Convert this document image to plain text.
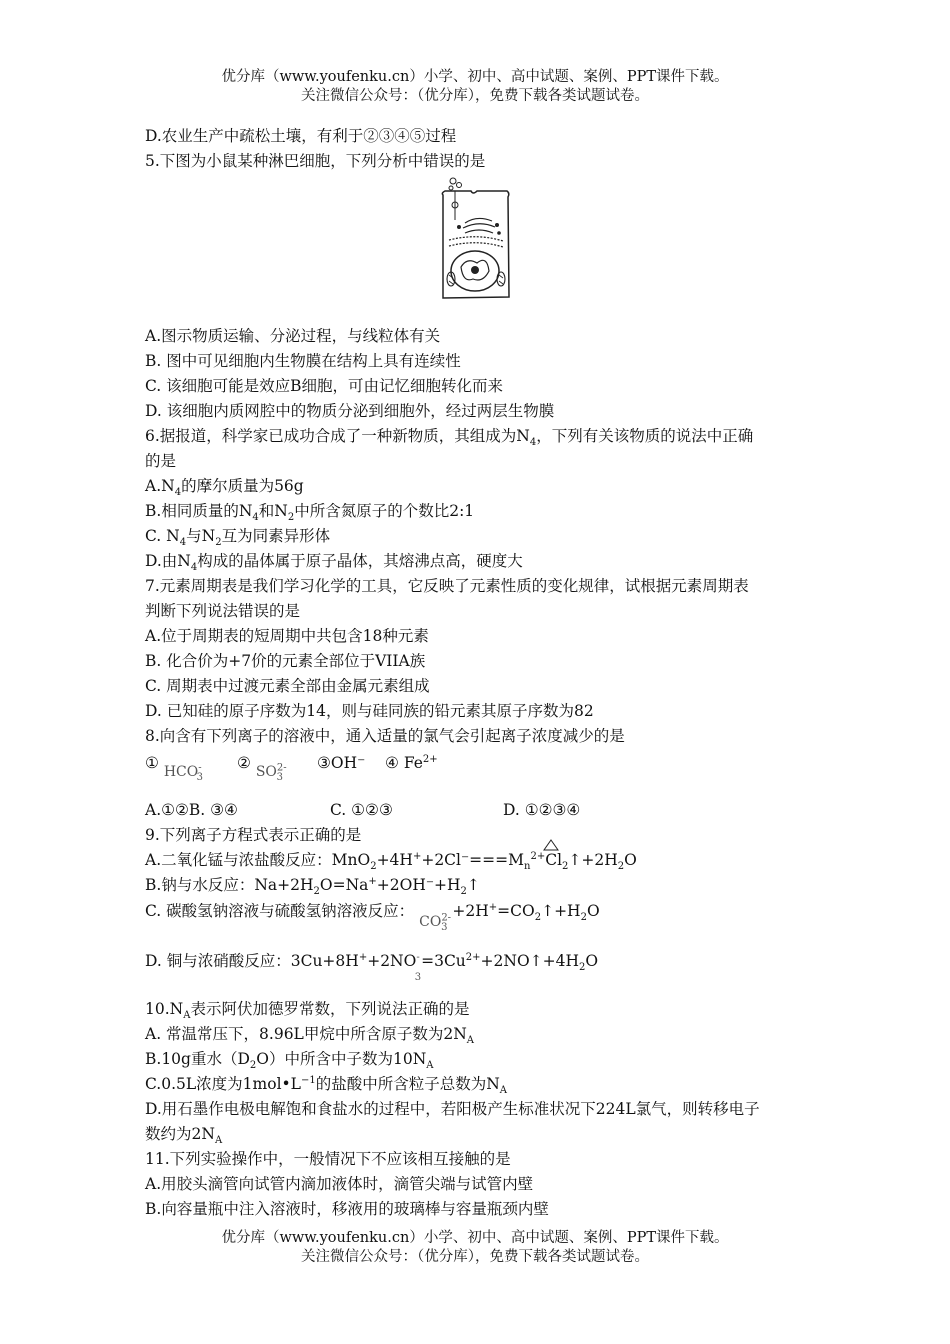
优分库（www.youfenku.cn）小学、初中、高中试题、案例、PPT课件下载。
关注微信公众号：（优分库），免费下载各类试题试卷。
D.农业生产中疏松土壤，有利于②③④⑤过程
5.下图为小鼠某种淋巴细胞，下列分析中错误的是
A.图示物质运输、分泌过程，与线粒体有关
B. 图中可见细胞内生物膜在结构上具有连续性
C. 该细胞可能是效应B细胞，可由记忆细胞转化而来
D. 该细胞内质网腔中的物质分泌到细胞外，经过两层生物膜
6.据报道，科学家已成功合成了一种新物质，其组成为$N_4$，下列有关该物质的说法中正确
的是
$A.N_4$的摩尔质量为56g
B.相同质量的$N_4$和$N_2$中所含氮原子的个数比2:1
C. $N_4$与$N_2$互为同素异形体
D.由$N_4$构成的晶体属于原子晶体，其熔沸点高，硬度大
7.元素周期表是我们学习化学的工具，它反映了元素性质的变化规律，试根据元素周期表
判断下列说法错误的是
A.位于周期表的短周期中共包含18种元素
B. 化合价为+7价的元素全部位于VIIA族
C. 周期表中过渡元素全部由金属元素组成
D. 已知硅的原子序数为14，则与硅同族的铅元素其原子序数为82
8.向含有下列离子的溶液中，通入适量的氯气会引起离子浓度减少的是
① $HCO^-_3$
② $SO^{2-}_3$
③OH⁻ ④ $Fe^{2+}$
A.①②B. ③④	C. ①②③	D. ①②③④
9.下列离子方程式表示正确的是
A.二氧化锰与浓盐酸反应：$MnO_2+4H^++2Cl^-===M_n^{2+}$
$Cl_2↑+2H_2O$
B.钠与水反应：$Na+2H_2O=Na^++2OH^-+H_2↑$
C. 碳酸氢钠溶液与硫酸氢钠溶液反应： $CO^{2-}_3$ $+2H^+=CO_2↑+H_2O$
D. 铜与浓硝酸反应：$3Cu+8H^++2NO^-_3=3Cu^{2+}+2NO↑+4H_2O$
$10.N_A$表示阿伏加德罗常数，下列说法正确的是
A. 常温常压下，8.96L甲烷中所含原子数为$2N_A$
B.10g重水$(D_2O)$中所含中子数为$10N_A$
C.0.5L浓度为$1mol•L^{-1}$的盐酸中所含粒子总数为$N_A$
D.用石墨作电极电解饱和食盐水的过程中，若阳极产生标准状况下224L氯气，则转移电子
数约为$2N_A$
11.下列实验操作中，一般情况下不应该相互接触的是
A.用胶头滴管向试管内滴加液体时，滴管尖端与试管内壁
B.向容量瓶中注入溶液时，移液用的玻璃棒与容量瓶颈内壁
优分库（www.youfenku.cn）小学、初中、高中试题、案例、PPT课件下载。
关注微信公众号：（优分库），免费下载各类试题试卷。
